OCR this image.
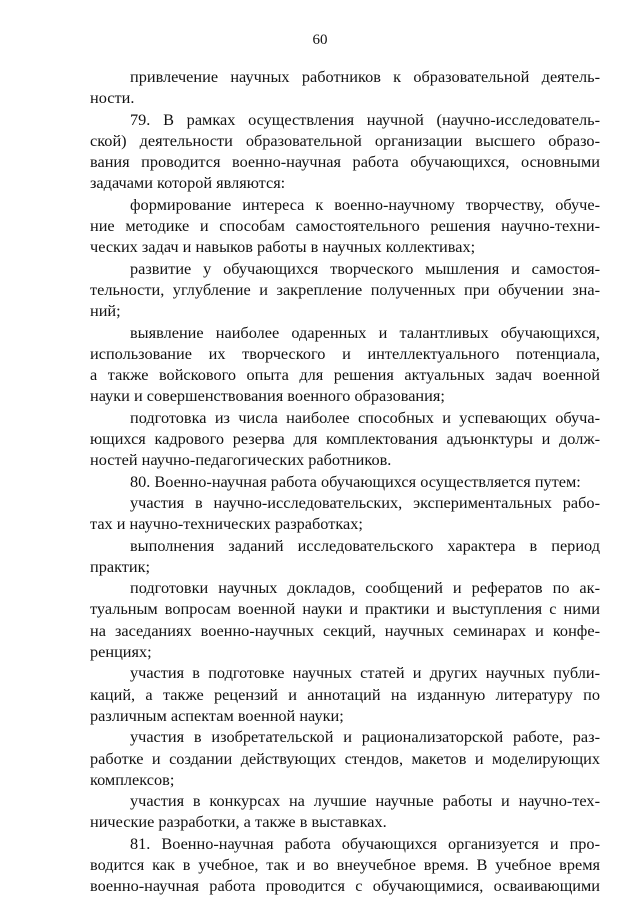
60
привлечение научных работников к образовательной деятель-
ности.
79. В рамках осуществления научной (научно-исследователь-
ской) деятельности образовательной организации высшего образо-
вания проводится военно-научная работа обучающихся, основными
задачами которой являются:
формирование интереса к военно-научному творчеству, обуче-
ние методике и способам самостоятельного решения научно-техни-
ческих задач и навыков работы в научных коллективах;
развитие у обучающихся творческого мышления и самостоя-
тельности, углубление и закрепление полученных при обучении зна-
ний;
выявление наиболее одаренных и талантливых обучающихся,
использование их творческого и интеллектуального потенциала,
а также войскового опыта для решения актуальных задач военной
науки и совершенствования военного образования;
подготовка из числа наиболее способных и успевающих обуча-
ющихся кадрового резерва для комплектования адъюнктуры и долж-
ностей научно-педагогических работников.
80. Военно-научная работа обучающихся осуществляется путем:
участия в научно-исследовательских, экспериментальных рабо-
тах и научно-технических разработках;
выполнения заданий исследовательского характера в период
практик;
подготовки научных докладов, сообщений и рефератов по ак-
туальным вопросам военной науки и практики и выступления с ними
на заседаниях военно-научных секций, научных семинарах и конфе-
ренциях;
участия в подготовке научных статей и других научных публи-
каций, а также рецензий и аннотаций на изданную литературу по
различным аспектам военной науки;
участия в изобретательской и рационализаторской работе, раз-
работке и создании действующих стендов, макетов и моделирующих
комплексов;
участия в конкурсах на лучшие научные работы и научно-тех-
нические разработки, а также в выставках.
81. Военно-научная работа обучающихся организуется и про-
водится как в учебное, так и во внеучебное время. В учебное время
военно-научная работа проводится с обучающимися, осваивающими
